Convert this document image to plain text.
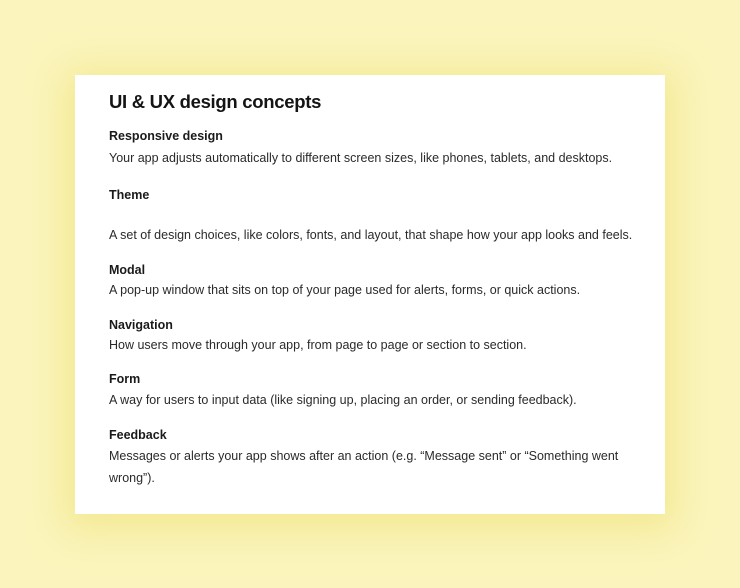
UI & UX design concepts
Responsive design
Your app adjusts automatically to different screen sizes, like phones, tablets, and desktops.
Theme
A set of design choices, like colors, fonts, and layout, that shape how your app looks and feels.
Modal
A pop-up window that sits on top of your page used for alerts, forms, or quick actions.
Navigation
How users move through your app, from page to page or section to section.
Form
A way for users to input data (like signing up, placing an order, or sending feedback).
Feedback
Messages or alerts your app shows after an action (e.g. “Message sent” or “Something went wrong”).
